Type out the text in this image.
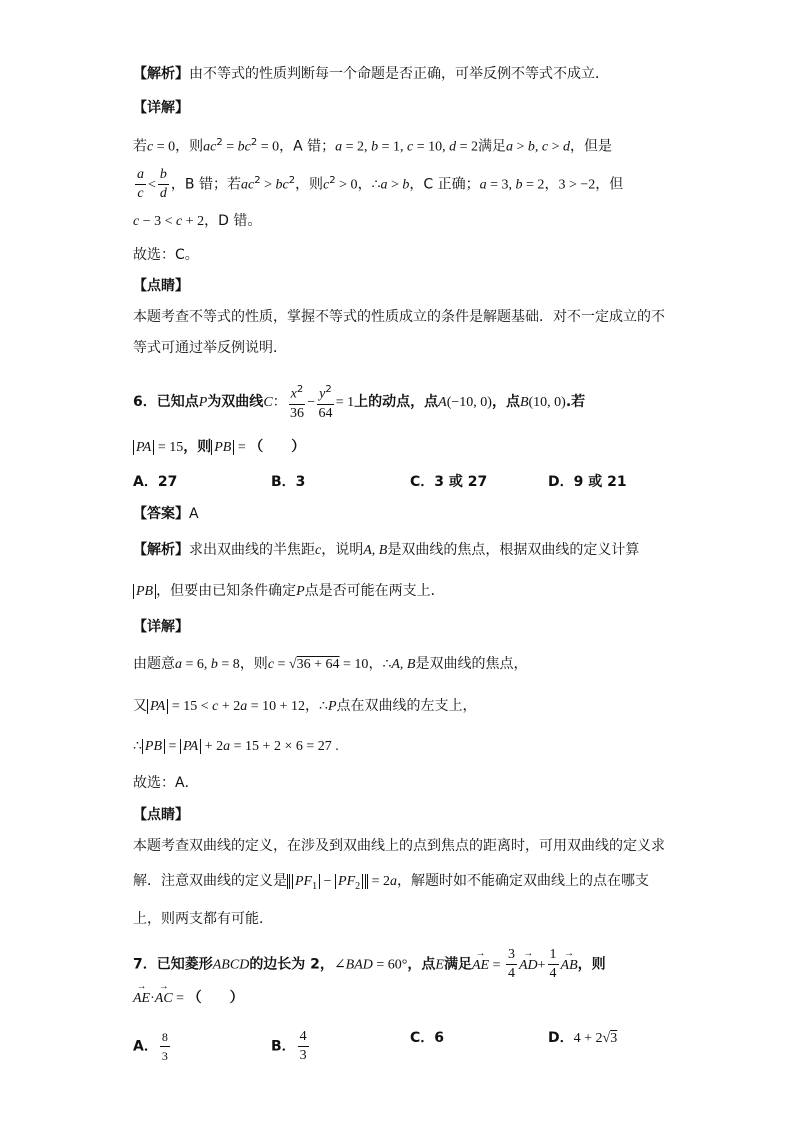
【解析】由不等式的性质判断每一个命题是否正确，可举反例不等式不成立．
【详解】
若c = 0，则$ac^2 = bc^2 = 0$，A 错；a = 2, b = 1, c = 10, d = 2满足a > b, c > d，但是
$\frac{a}{c} < \frac{b}{d}$ ，B 错；若$ac^2 > bc^2$，则$c^2 > 0$，∴a > b，C 正确；a = 3, b = 2，3 > −2，但
c − 3 < c + 2，D 错。
故选：C。
【点睛】
本题考查不等式的性质，掌握不等式的性质成立的条件是解题基础．对不一定成立的不
等式可通过举反例说明．
6．已知点P为双曲线C： $\frac{x^2}{36} - \frac{y^2}{64} = 1$上的动点，点A(−10, 0)，点B(10, 0).若
PA = 15，则 PB = （　　）
A．27	B．3	C．3 或 27	D．9 或 21
【答案】A
【解析】求出双曲线的半焦距c，说明A, B是双曲线的焦点，根据双曲线的定义计算
PB ，但要由已知条件确定P点是否可能在两支上．
【详解】
由题意a = 6, b = 8，则c = √36 + 64 = 10，∴A, B是双曲线的焦点，
又 PA = 15 < c + 2a = 10 + 12，∴P点在双曲线的左支上，
∴ PB = PA + 2a = 15 + 2 × 6 = 27 .
故选：A．
【点睛】
本题考查双曲线的定义，在涉及到双曲线上的点到焦点的距离时，可用双曲线的定义求
解．注意双曲线的定义是 $PF_1 - PF_2 = 2a$，解题时如不能确定双曲线上的点在哪支
上，则两支都有可能．
7．已知菱形ABCD的边长为 2，∠BAD = 60°，点E满足→ AE = $\frac{3}{4} \to AD+ \frac{1}{4}$ → AB，则
→ AE·→ AC = （　　）
A． $\frac{8}{3}$	B． $\frac{4}{3}$	C．6	D．4 + 2√3
